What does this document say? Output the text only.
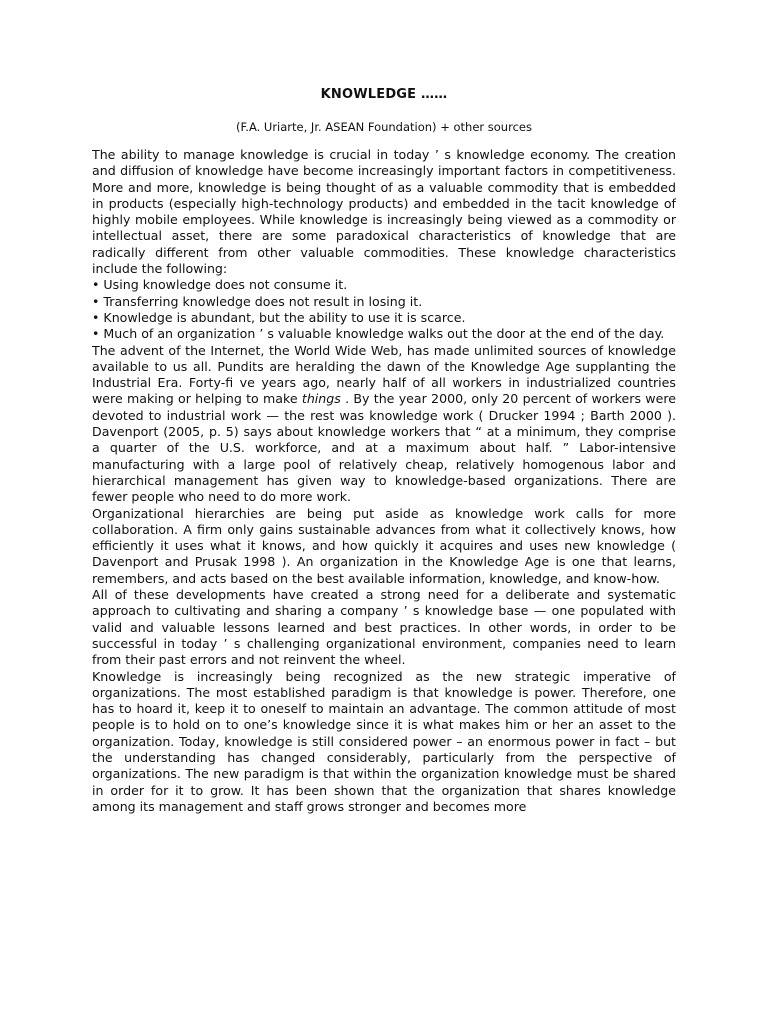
KNOWLEDGE ……

(F.A. Uriarte, Jr. ASEAN Foundation) + other sources

The ability to manage knowledge is crucial in today ’ s knowledge economy. The creation and diffusion of knowledge have become increasingly important factors in competitiveness. More and more, knowledge is being thought of as a valuable commodity that is embedded in products (especially high-technology products) and embedded in the tacit knowledge of highly mobile employees. While knowledge is increasingly being viewed as a commodity or intellectual asset, there are some paradoxical characteristics of knowledge that are radically different from other valuable commodities. These knowledge characteristics include the following:

• Using knowledge does not consume it.

• Transferring knowledge does not result in losing it.

• Knowledge is abundant, but the ability to use it is scarce.

• Much of an organization ’ s valuable knowledge walks out the door at the end of the day.

The advent of the Internet, the World Wide Web, has made unlimited sources of knowledge available to us all. Pundits are heralding the dawn of the Knowledge Age supplanting the Industrial Era. Forty-fi ve years ago, nearly half of all workers in industrialized countries were making or helping to make things . By the year 2000, only 20 percent of workers were devoted to industrial work — the rest was knowledge work ( Drucker 1994 ; Barth 2000 ). Davenport (2005, p. 5) says about knowledge workers that “ at a minimum, they comprise a quarter of the U.S. workforce, and at a maximum about half. ” Labor-intensive manufacturing with a large pool of relatively cheap, relatively homogenous labor and hierarchical management has given way to knowledge-based organizations. There are fewer people who need to do more work.

Organizational hierarchies are being put aside as knowledge work calls for more collaboration. A firm only gains sustainable advances from what it collectively knows, how efficiently it uses what it knows, and how quickly it acquires and uses new knowledge ( Davenport and Prusak 1998 ). An organization in the Knowledge Age is one that learns, remembers, and acts based on the best available information, knowledge, and know-how.

All of these developments have created a strong need for a deliberate and systematic approach to cultivating and sharing a company ’ s knowledge base — one populated with valid and valuable lessons learned and best practices. In other words, in order to be successful in today ’ s challenging organizational environment, companies need to learn from their past errors and not reinvent the wheel.

Knowledge is increasingly being recognized as the new strategic imperative of organizations. The most established paradigm is that knowledge is power. Therefore, one has to hoard it, keep it to oneself to maintain an advantage. The common attitude of most people is to hold on to one’s knowledge since it is what makes him or her an asset to the organization. Today, knowledge is still considered power – an enormous power in fact – but the understanding has changed considerably, particularly from the perspective of organizations. The new paradigm is that within the organization knowledge must be shared in order for it to grow. It has been shown that the organization that shares knowledge among its management and staff grows stronger and becomes more
